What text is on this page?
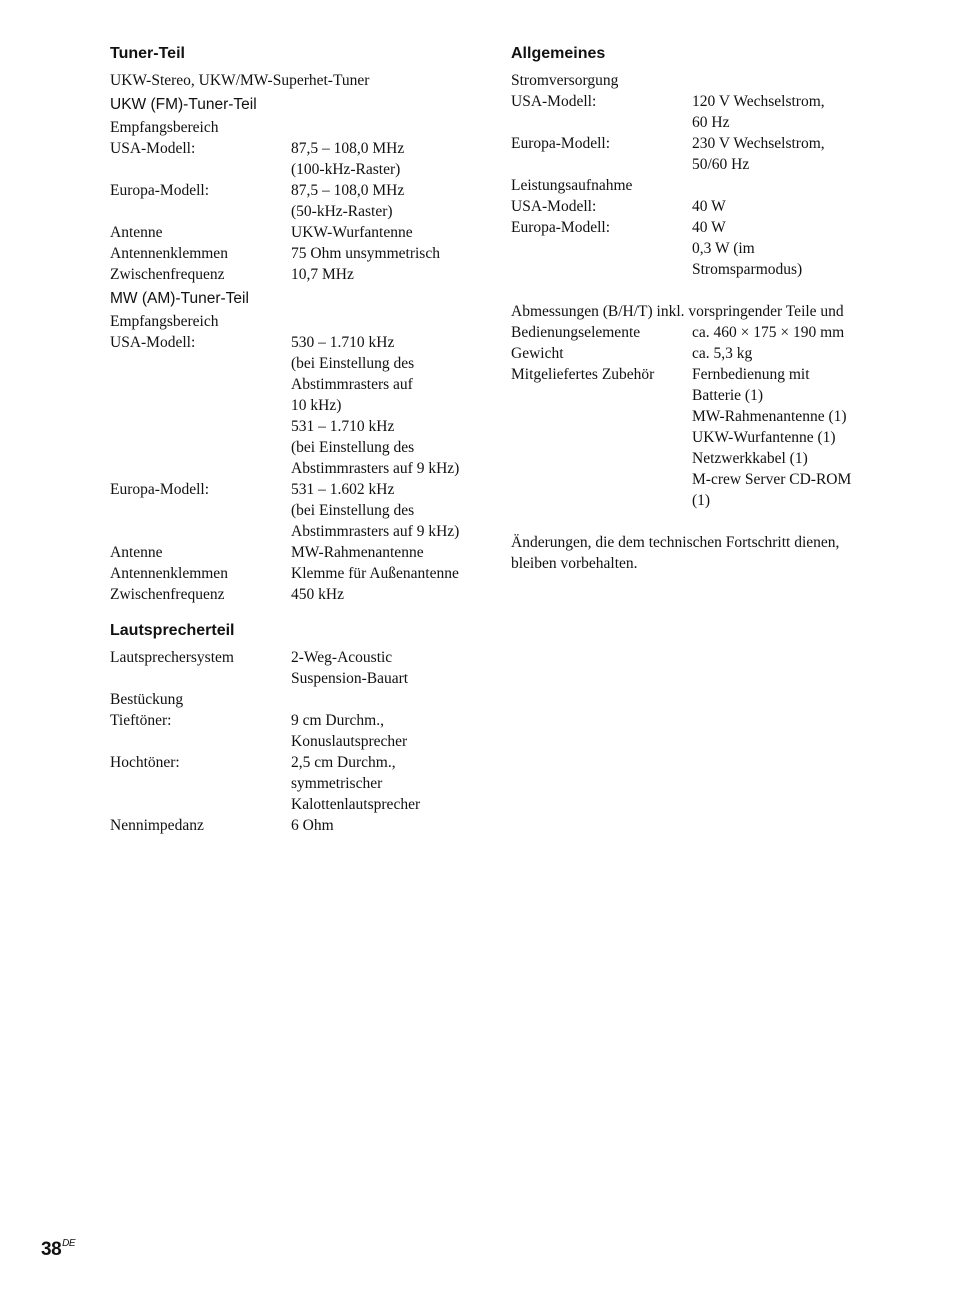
Tuner-Teil
UKW-Stereo, UKW/MW-Superhet-Tuner
UKW (FM)-Tuner-Teil
Empfangsbereich
USA-Modell:	87,5 – 108,0 MHz
(100-kHz-Raster)
Europa-Modell:	87,5 – 108,0 MHz
(50-kHz-Raster)
Antenne	UKW-Wurfantenne
Antennenklemmen	75 Ohm unsymmetrisch
Zwischenfrequenz	10,7 MHz
MW (AM)-Tuner-Teil
Empfangsbereich
USA-Modell:	530 – 1.710 kHz
(bei Einstellung des
Abstimmrasters auf
10 kHz)
531 – 1.710 kHz
(bei Einstellung des
Abstimmrasters auf 9 kHz)
Europa-Modell:	531 – 1.602 kHz
(bei Einstellung des
Abstimmrasters auf 9 kHz)
Antenne	MW-Rahmenantenne
Antennenklemmen	Klemme für Außenantenne
Zwischenfrequenz	450 kHz
Lautsprecherteil
Lautsprechersystem	2-Weg-Acoustic
Suspension-Bauart
Bestückung
Tieftöner:	9 cm Durchm.,
Konuslautsprecher
Hochtöner:	2,5 cm Durchm.,
symmetrischer
Kalottenlautsprecher
Nennimpedanz	6 Ohm
Allgemeines
Stromversorgung
USA-Modell:	120 V Wechselstrom,
60 Hz
Europa-Modell:	230 V Wechselstrom,
50/60 Hz
Leistungsaufnahme
USA-Modell:	40 W
Europa-Modell:	40 W
0,3 W (im
Stromsparmodus)
Abmessungen (B/H/T) inkl. vorspringender Teile und
Bedienungselemente	ca. 460 × 175 × 190 mm
Gewicht	ca. 5,3 kg
Mitgeliefertes Zubehör	Fernbedienung mit
Batterie (1)
MW-Rahmenantenne (1)
UKW-Wurfantenne (1)
Netzwerkkabel (1)
M-crew Server CD-ROM
(1)
Änderungen, die dem technischen Fortschritt dienen,
bleiben vorbehalten.
38DE
